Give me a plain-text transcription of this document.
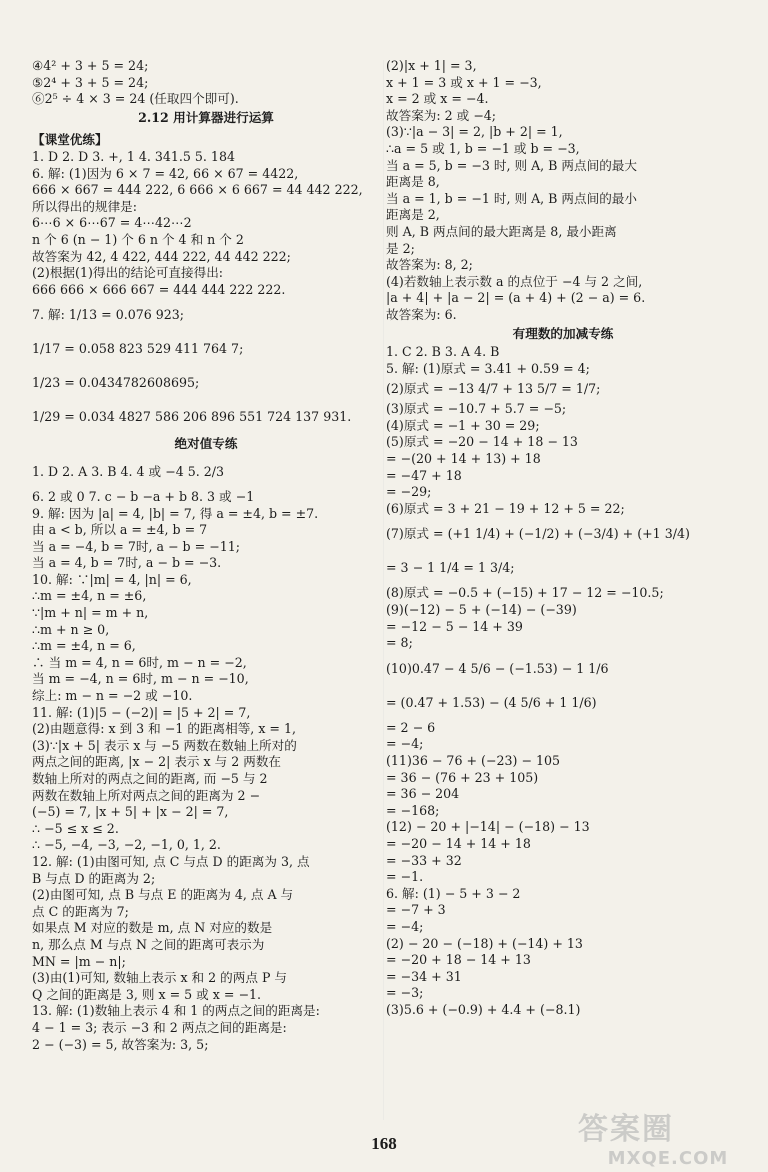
④4² + 3 + 5 = 24;
⑤2⁴ + 3 + 5 = 24;
⑥2⁵ ÷ 4 × 3 = 24 (任取四个即可).
2.12 用计算器进行运算
【课堂优练】
1. D 2. D 3. +, 1 4. 341.5 5. 184
6. 解: (1)因为 6 × 7 = 42, 66 × 67 = 4422,
666 × 667 = 444 222, 6 666 × 6 667 = 44 442 222,
所以得出的规律是:
6⋯6 × 6⋯67 = 4⋯42⋯2
n 个 6 (n − 1) 个 6 n 个 4 和 n 个 2
故答案为 42, 4 422, 444 222, 44 442 222;
(2)根据(1)得出的结论可直接得出:
666 666 × 666 667 = 444 444 222 222.
7. 解: 1/13 = 0.076 923;
1/17 = 0.058 823 529 411 764 7;
1/23 = 0.0434782608695;
1/29 = 0.034 4827 586 206 896 551 724 137 931.
绝对值专练
1. D 2. A 3. B 4. 4 或 −4 5. 2/3
6. 2 或 0 7. c − b −a + b 8. 3 或 −1
9. 解: 因为 |a| = 4, |b| = 7, 得 a = ±4, b = ±7.
由 a < b, 所以 a = ±4, b = 7
当 a = −4, b = 7时, a − b = −11;
当 a = 4, b = 7时, a − b = −3.
10. 解: ∵|m| = 4, |n| = 6,
∴m = ±4, n = ±6,
∵|m + n| = m + n,
∴m + n ≥ 0,
∴m = ±4, n = 6,
∴ 当 m = 4, n = 6时, m − n = −2,
当 m = −4, n = 6时, m − n = −10,
综上: m − n = −2 或 −10.
11. 解: (1)|5 − (−2)| = |5 + 2| = 7,
(2)由题意得: x 到 3 和 −1 的距离相等, x = 1,
(3)∵|x + 5| 表示 x 与 −5 两数在数轴上所对的
两点之间的距离, |x − 2| 表示 x 与 2 两数在
数轴上所对的两点之间的距离, 而 −5 与 2
两数在数轴上所对两点之间的距离为 2 −
(−5) = 7, |x + 5| + |x − 2| = 7,
∴ −5 ≤ x ≤ 2.
∴ −5, −4, −3, −2, −1, 0, 1, 2.
12. 解: (1)由图可知, 点 C 与点 D 的距离为 3, 点
B 与点 D 的距离为 2;
(2)由图可知, 点 B 与点 E 的距离为 4, 点 A 与
点 C 的距离为 7;
如果点 M 对应的数是 m, 点 N 对应的数是
n, 那么点 M 与点 N 之间的距离可表示为
MN = |m − n|;
(3)由(1)可知, 数轴上表示 x 和 2 的两点 P 与
Q 之间的距离是 3, 则 x = 5 或 x = −1.
13. 解: (1)数轴上表示 4 和 1 的两点之间的距离是:
4 − 1 = 3; 表示 −3 和 2 两点之间的距离是:
2 − (−3) = 5, 故答案为: 3, 5;
(2)|x + 1| = 3,
x + 1 = 3 或 x + 1 = −3,
x = 2 或 x = −4.
故答案为: 2 或 −4;
(3)∵|a − 3| = 2, |b + 2| = 1,
∴a = 5 或 1, b = −1 或 b = −3,
当 a = 5, b = −3 时, 则 A, B 两点间的最大
距离是 8,
当 a = 1, b = −1 时, 则 A, B 两点间的最小
距离是 2,
则 A, B 两点间的最大距离是 8, 最小距离
是 2;
故答案为: 8, 2;
(4)若数轴上表示数 a 的点位于 −4 与 2 之间,
|a + 4| + |a − 2| = (a + 4) + (2 − a) = 6.
故答案为: 6.
有理数的加减专练
1. C 2. B 3. A 4. B
5. 解: (1)原式 = 3.41 + 0.59 = 4;
(2)原式 = −13 4/7 + 13 5/7 = 1/7;
(3)原式 = −10.7 + 5.7 = −5;
(4)原式 = −1 + 30 = 29;
(5)原式 = −20 − 14 + 18 − 13
= −(20 + 14 + 13) + 18
= −47 + 18
= −29;
(6)原式 = 3 + 21 − 19 + 12 + 5 = 22;
(7)原式 = (+1 1/4) + (−1/2) + (−3/4) + (+1 3/4)
= 3 − 1 1/4 = 1 3/4;
(8)原式 = −0.5 + (−15) + 17 − 12 = −10.5;
(9)(−12) − 5 + (−14) − (−39)
= −12 − 5 − 14 + 39
= 8;
(10)0.47 − 4 5/6 − (−1.53) − 1 1/6
= (0.47 + 1.53) − (4 5/6 + 1 1/6)
= 2 − 6
= −4;
(11)36 − 76 + (−23) − 105
= 36 − (76 + 23 + 105)
= 36 − 204
= −168;
(12) − 20 + |−14| − (−18) − 13
= −20 − 14 + 14 + 18
= −33 + 32
= −1.
6. 解: (1) − 5 + 3 − 2
= −7 + 3
= −4;
(2) − 20 − (−18) + (−14) + 13
= −20 + 18 − 14 + 13
= −34 + 31
= −3;
(3)5.6 + (−0.9) + 4.4 + (−8.1)
168	答案圈
MXQE.COM
